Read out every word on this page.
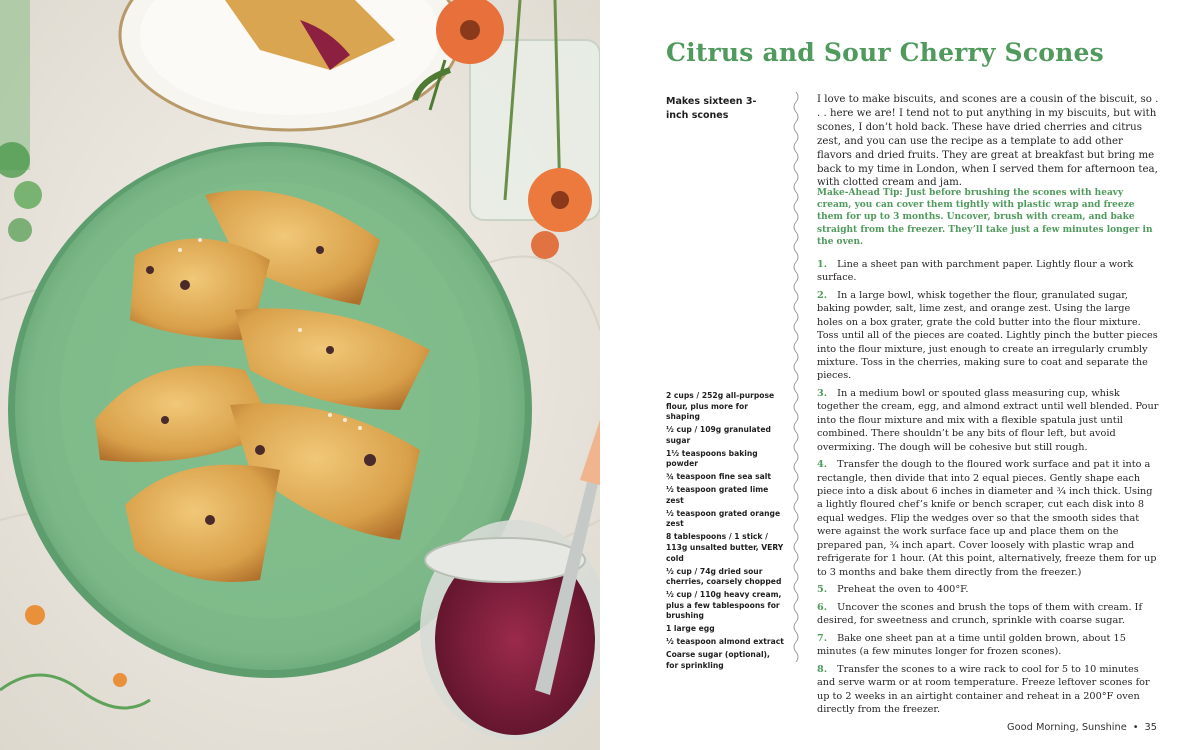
Citrus and Sour Cherry Scones
Makes sixteen 3-inch scones

I love to make biscuits, and scones are a cousin of the biscuit, so . . . here we are! I tend not to put anything in my biscuits, but with scones, I don’t hold back. These have dried cherries and citrus zest, and you can use the recipe as a template to add other flavors and dried fruits. They are great at breakfast but bring me back to my time in London, when I served them for afternoon tea, with clotted cream and jam.

Make-Ahead Tip: Just before brushing the scones with heavy cream, you can cover them tightly with plastic wrap and freeze them for up to 3 months. Uncover, brush with cream, and bake straight from the freezer. They’ll take just a few minutes longer in the oven.

1. Line a sheet pan with parchment paper. Lightly flour a work surface.
2. In a large bowl, whisk together the flour, granulated sugar, baking powder, salt, lime zest, and orange zest. Using the large holes on a box grater, grate the cold butter into the flour mixture. Toss until all of the pieces are coated. Lightly pinch the butter pieces into the flour mixture, just enough to create an irregularly crumbly mixture. Toss in the cherries, making sure to coat and separate the pieces.
3. In a medium bowl or spouted glass measuring cup, whisk together the cream, egg, and almond extract until well blended. Pour into the flour mixture and mix with a flexible spatula just until combined. There shouldn’t be any bits of flour left, but avoid overmixing. The dough will be cohesive but still rough.
4. Transfer the dough to the floured work surface and pat it into a rectangle, then divide that into 2 equal pieces. Gently shape each piece into a disk about 6 inches in diameter and ¾ inch thick. Using a lightly floured chef’s knife or bench scraper, cut each disk into 8 equal wedges. Flip the wedges over so that the smooth sides that were against the work surface face up and place them on the prepared pan, ¾ inch apart. Cover loosely with plastic wrap and refrigerate for 1 hour. (At this point, alternatively, freeze them for up to 3 months and bake them directly from the freezer.)
5. Preheat the oven to 400°F.
6. Uncover the scones and brush the tops of them with cream. If desired, for sweetness and crunch, sprinkle with coarse sugar.
7. Bake one sheet pan at a time until golden brown, about 15 minutes (a few minutes longer for frozen scones).
8. Transfer the scones to a wire rack to cool for 5 to 10 minutes and serve warm or at room temperature. Freeze leftover scones for up to 2 weeks in an airtight container and reheat in a 200°F oven directly from the freezer.
2 cups / 252g all-purpose flour, plus more for shaping
½ cup / 109g granulated sugar
1½ teaspoons baking powder
¾ teaspoon fine sea salt
½ teaspoon grated lime zest
½ teaspoon grated orange zest
8 tablespoons / 1 stick / 113g unsalted butter, VERY cold
½ cup / 74g dried sour cherries, coarsely chopped
½ cup / 110g heavy cream, plus a few tablespoons for brushing
1 large egg
½ teaspoon almond extract
Coarse sugar (optional), for sprinkling
Good Morning, Sunshine • 35
